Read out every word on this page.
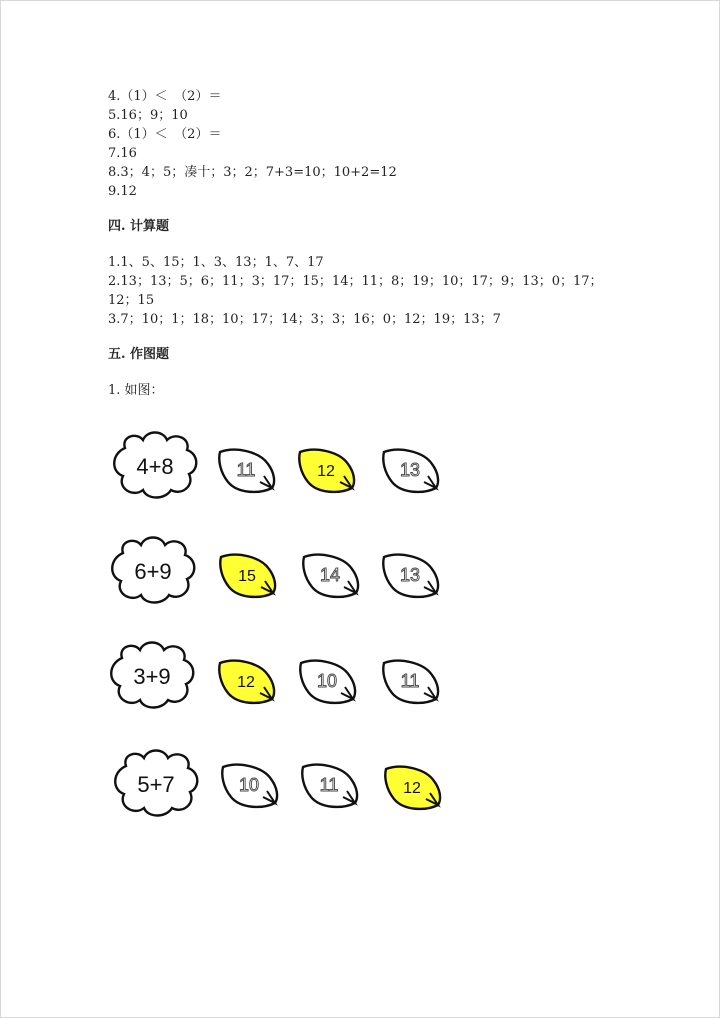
4.（1）＜　（2）＝
5.16；9；10
6.（1）＜　（2）＝
7.16
8.3；4；5；凑十；3；2；7+3=10；10+2=12
9.12
四. 计算题
1.1、5、15；1、3、13；1、7、17
2.13；13；5；6；11；3；17；15；14；11；8；19；10；17；9；13；0；17；
12；15
3.7；10；1；18；10；17；14；3；3；16；0；12；19；13；7
五. 作图题
1. 如图：
4+8	11	12	13
6+9	15	14	13
3+9	12	10	11
5+7	10	11	12
